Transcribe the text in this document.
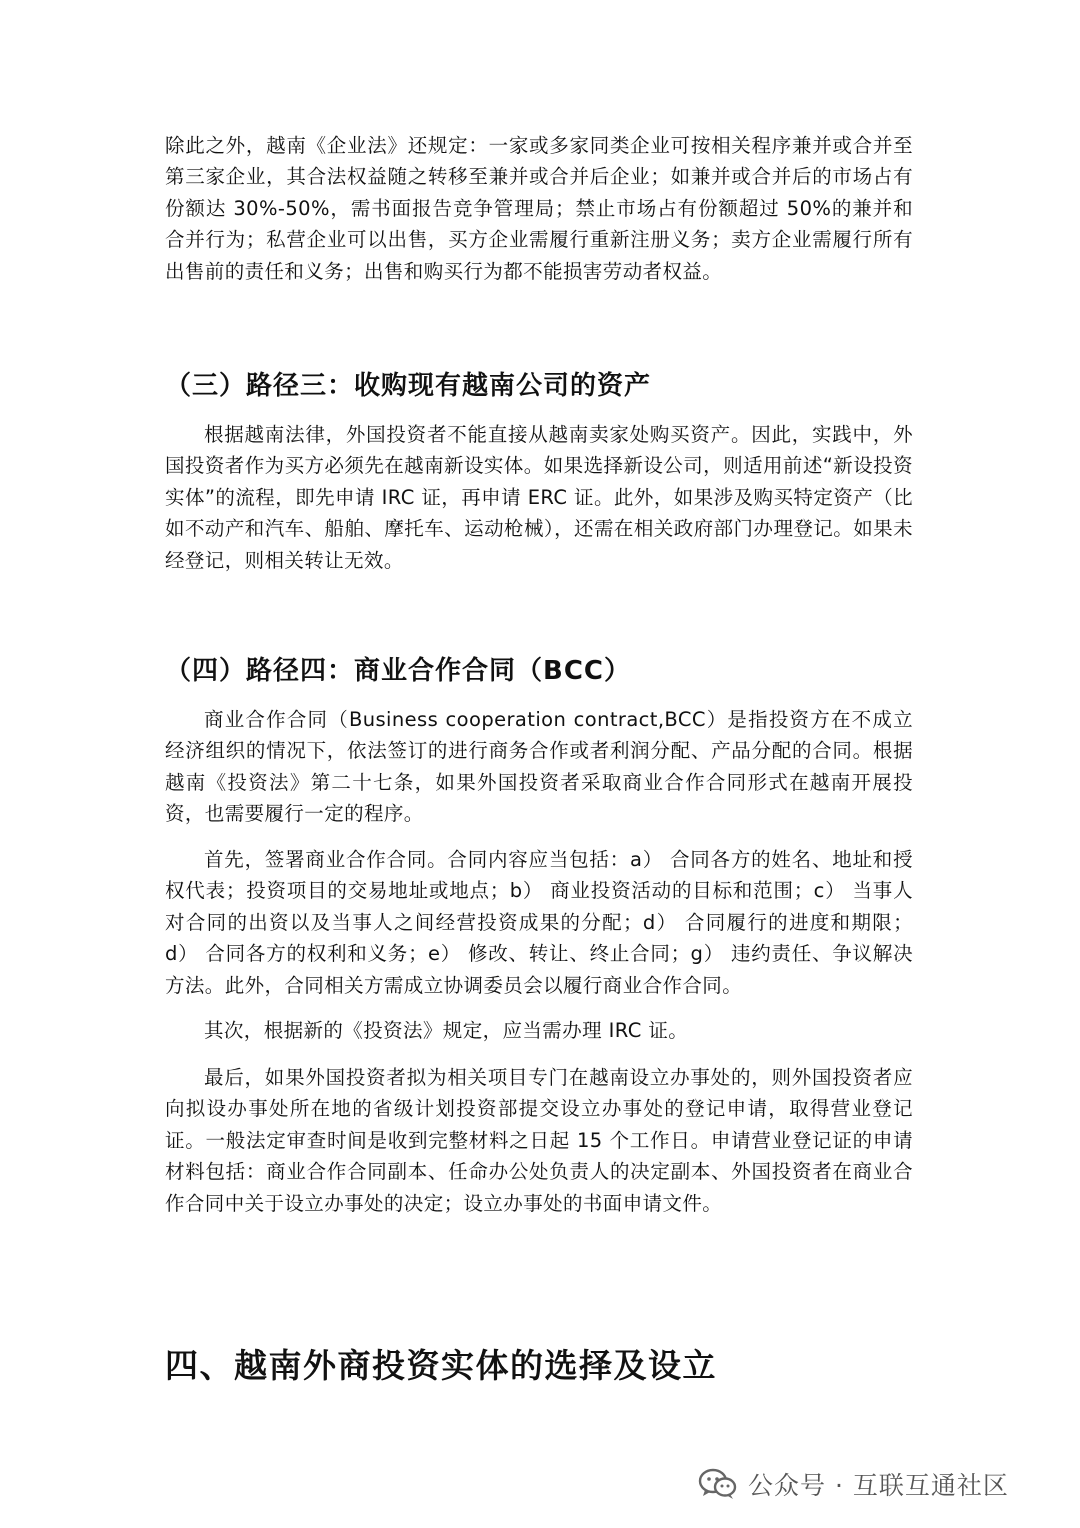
除此之外，越南《企业法》还规定：一家或多家同类企业可按相关程序兼并或合并至第三家企业，其合法权益随之转移至兼并或合并后企业；如兼并或合并后的市场占有份额达 30%-50%，需书面报告竞争管理局；禁止市场占有份额超过 50%的兼并和合并行为；私营企业可以出售，买方企业需履行重新注册义务；卖方企业需履行所有出售前的责任和义务；出售和购买行为都不能损害劳动者权益。

（三）路径三：收购现有越南公司的资产

根据越南法律，外国投资者不能直接从越南卖家处购买资产。因此，实践中，外国投资者作为买方必须先在越南新设实体。如果选择新设公司，则适用前述“新设投资实体”的流程，即先申请 IRC 证，再申请 ERC 证。此外，如果涉及购买特定资产（比如不动产和汽车、船舶、摩托车、运动枪械），还需在相关政府部门办理登记。如果未经登记，则相关转让无效。

（四）路径四：商业合作合同（BCC）

商业合作合同（Business cooperation contract,BCC）是指投资方在不成立经济组织的情况下，依法签订的进行商务合作或者利润分配、产品分配的合同。根据越南《投资法》第二十七条，如果外国投资者采取商业合作合同形式在越南开展投资，也需要履行一定的程序。

首先，签署商业合作合同。合同内容应当包括：a） 合同各方的姓名、地址和授权代表；投资项目的交易地址或地点；b） 商业投资活动的目标和范围；c） 当事人对合同的出资以及当事人之间经营投资成果的分配；d） 合同履行的进度和期限；d） 合同各方的权利和义务；e） 修改、转让、终止合同；g） 违约责任、争议解决方法。此外，合同相关方需成立协调委员会以履行商业合作合同。

其次，根据新的《投资法》规定，应当需办理 IRC 证。

最后，如果外国投资者拟为相关项目专门在越南设立办事处的，则外国投资者应向拟设办事处所在地的省级计划投资部提交设立办事处的登记申请，取得营业登记证。一般法定审查时间是收到完整材料之日起 15 个工作日。申请营业登记证的申请材料包括：商业合作合同副本、任命办公处负责人的决定副本、外国投资者在商业合作合同中关于设立办事处的决定；设立办事处的书面申请文件。

四、越南外商投资实体的选择及设立
公众号 · 互联互通社区
